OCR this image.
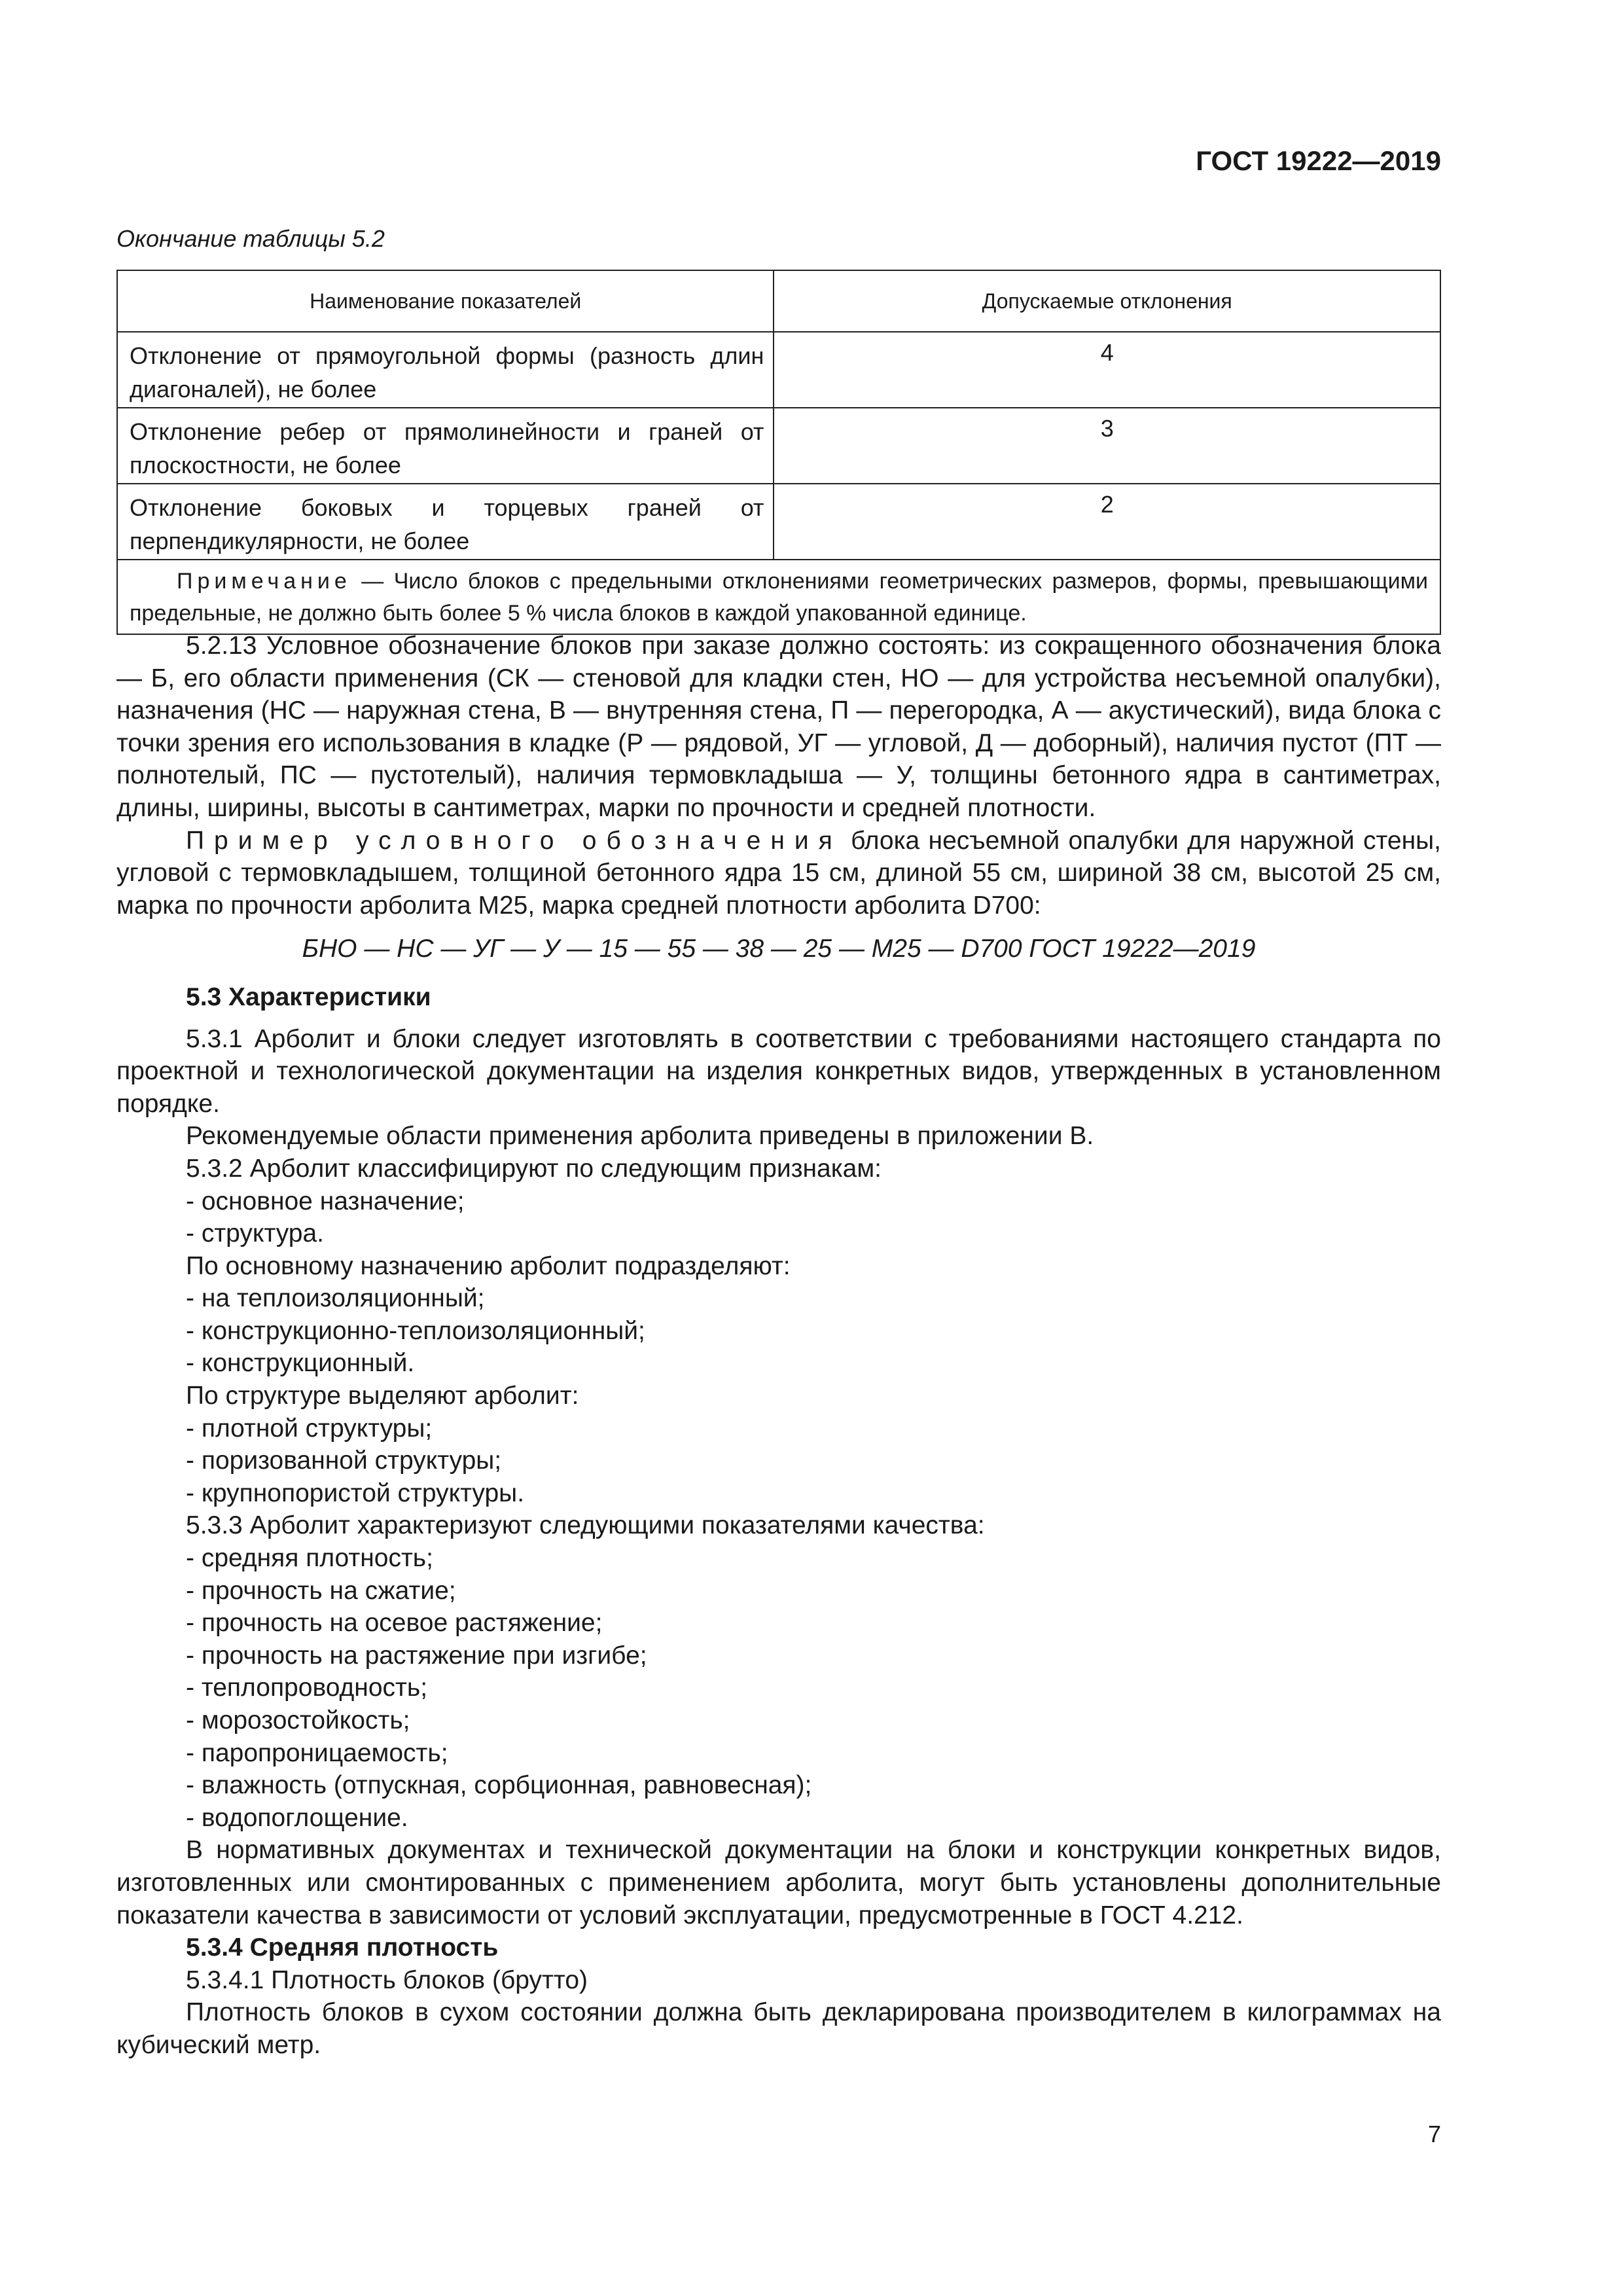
ГОСТ 19222—2019
Окончание таблицы 5.2
Наименование показателей	Допускаемые отклонения
Отклонение от прямоугольной формы (разность длин диагоналей), не более	4
Отклонение ребер от прямолинейности и граней от плоскостности, не более	3
Отклонение боковых и торцевых граней от перпендикулярности, не более	2
Примечание — Число блоков с предельными отклонениями геометрических размеров, формы, превышающими предельные, не должно быть более 5 % числа блоков в каждой упакованной единице.	

5.2.13 Условное обозначение блоков при заказе должно состоять: из сокращенного обозначения блока — Б, его области применения (СК — стеновой для кладки стен, НО — для устройства несъемной опалубки), назначения (НС — наружная стена, В — внутренняя стена, П — перегородка, А — акустический), вида блока с точки зрения его использования в кладке (Р — рядовой, УГ — угловой, Д — доборный), наличия пустот (ПТ — полнотелый, ПС — пустотелый), наличия термовкладыша — У, толщины бетонного ядра в сантиметрах, длины, ширины, высоты в сантиметрах, марки по прочности и средней плотности.

Пример условного обозначения блока несъемной опалубки для наружной стены, угловой с термовкладышем, толщиной бетонного ядра 15 см, длиной 55 см, шириной 38 см, высотой 25 см, марка по прочности арболита М25, марка средней плотности арболита D700:

БНО — НС — УГ — У — 15 — 55 — 38 — 25 — М25 — D700 ГОСТ 19222—2019

5.3 Характеристики

5.3.1 Арболит и блоки следует изготовлять в соответствии с требованиями настоящего стандарта по проектной и технологической документации на изделия конкретных видов, утвержденных в установленном порядке.

Рекомендуемые области применения арболита приведены в приложении В.

5.3.2 Арболит классифицируют по следующим признакам:

- основное назначение;

- структура.

По основному назначению арболит подразделяют:

- на теплоизоляционный;

- конструкционно-теплоизоляционный;

- конструкционный.

По структуре выделяют арболит:

- плотной структуры;

- поризованной структуры;

- крупнопористой структуры.

5.3.3 Арболит характеризуют следующими показателями качества:

- средняя плотность;

- прочность на сжатие;

- прочность на осевое растяжение;

- прочность на растяжение при изгибе;

- теплопроводность;

- морозостойкость;

- паропроницаемость;

- влажность (отпускная, сорбционная, равновесная);

- водопоглощение.

В нормативных документах и технической документации на блоки и конструкции конкретных видов, изготовленных или смонтированных с применением арболита, могут быть установлены дополнительные показатели качества в зависимости от условий эксплуатации, предусмотренные в ГОСТ 4.212.

5.3.4 Средняя плотность

5.3.4.1 Плотность блоков (брутто)

Плотность блоков в сухом состоянии должна быть декларирована производителем в килограммах на кубический метр.

7
